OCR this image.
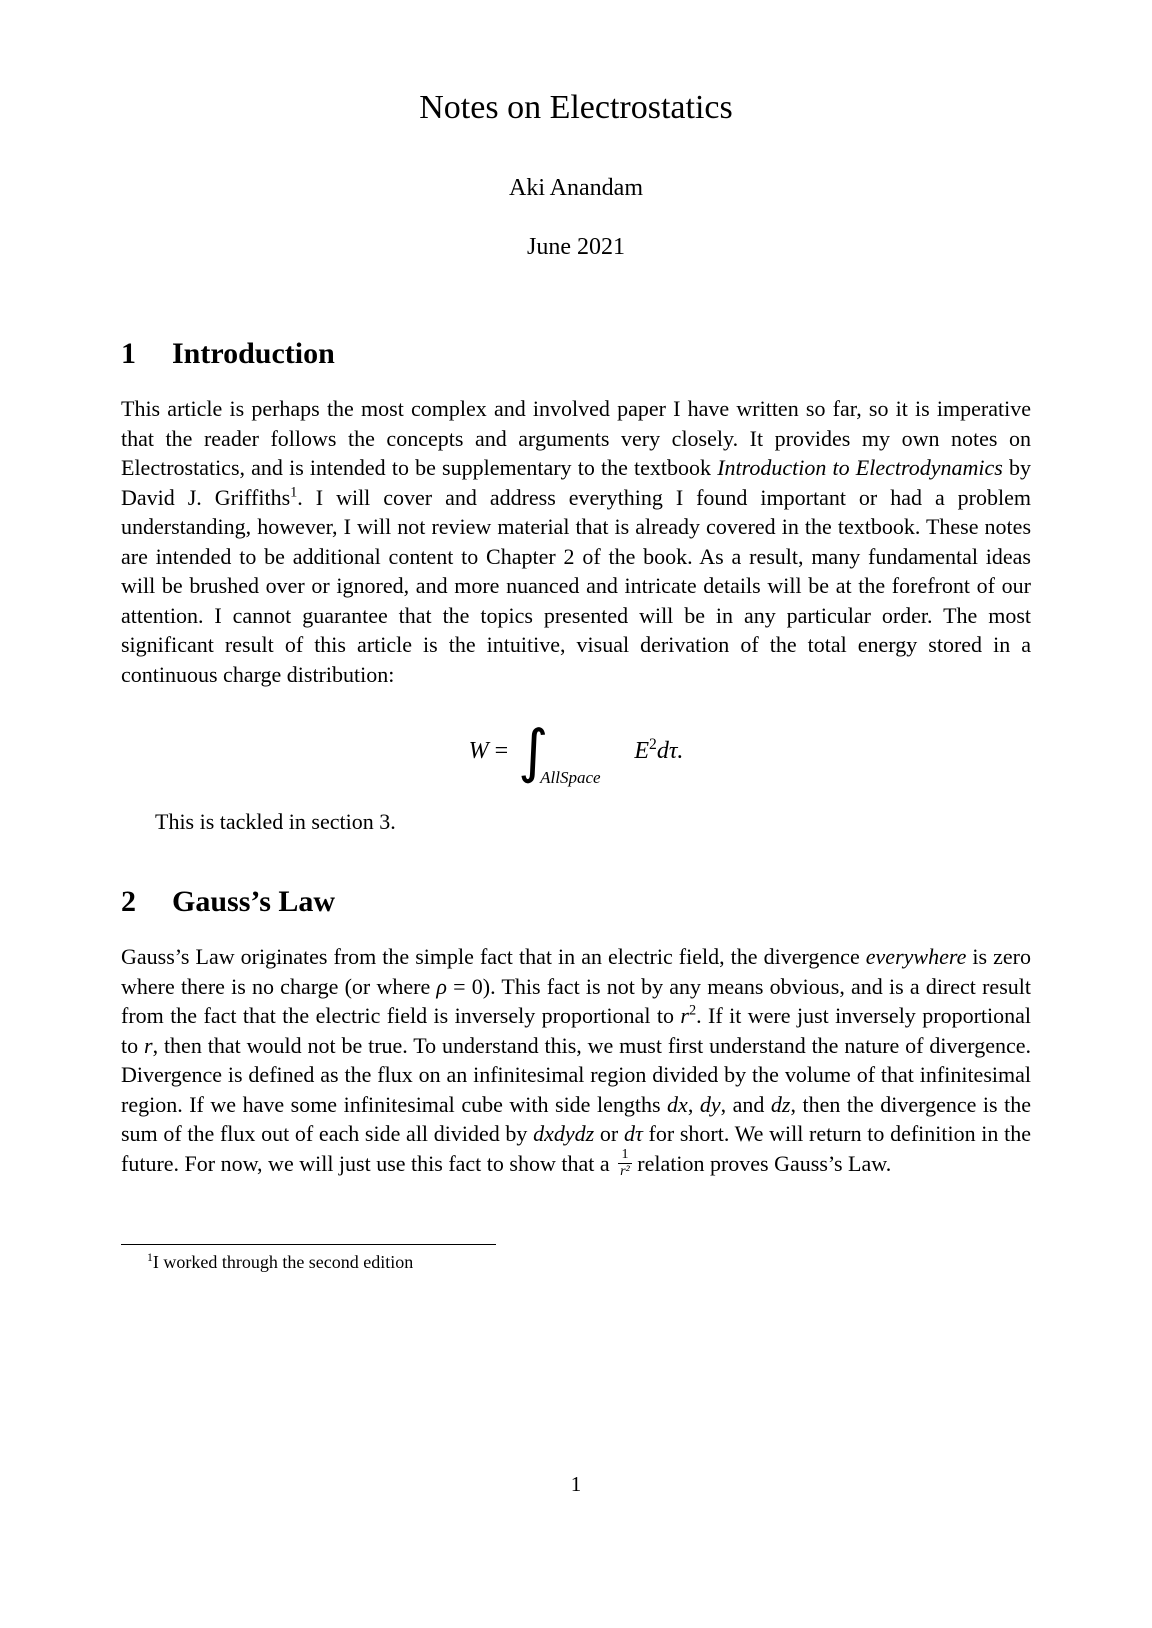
Notes on Electrostatics
Aki Anandam
June 2021
1 Introduction

This article is perhaps the most complex and involved paper I have written so far, so it is imperative that the reader follows the concepts and arguments very closely. It provides my own notes on Electrostatics, and is intended to be supplementary to the textbook Introduction to Electrodynamics by David J. Griffiths$^1$. I will cover and address everything I found important or had a problem understanding, however, I will not review material that is already covered in the textbook. These notes are intended to be additional content to Chapter 2 of the book. As a result, many fundamental ideas will be brushed over or ignored, and more nuanced and intricate details will be at the forefront of our attention. I cannot guarantee that the topics presented will be in any particular order. The most significant result of this article is the intuitive, visual derivation of the total energy stored in a continuous charge distribution:

W = ∫
AllSpace
$E^2d\tau$.

This is tackled in section 3.

2 Gauss’s Law

Gauss’s Law originates from the simple fact that in an electric field, the divergence everywhere is zero where there is no charge (or where ρ = 0). This fact is not by any means obvious, and is a direct result from the fact that the electric field is inversely proportional to $r^2$. If it were just inversely proportional to r, then that would not be true. To understand this, we must first understand the nature of divergence. Divergence is defined as the flux on an infinitesimal region divided by the volume of that infinitesimal region. If we have some infinitesimal cube with side lengths dx, dy, and dz, then the divergence is the sum of the flux out of each side all divided by dxdydz or dτ for short. We will return to definition in the future. For now, we will just use this fact to show that a $\frac{1}{\text{r²}}$ relation proves Gauss’s Law.

$^1$I worked through the second edition
1
